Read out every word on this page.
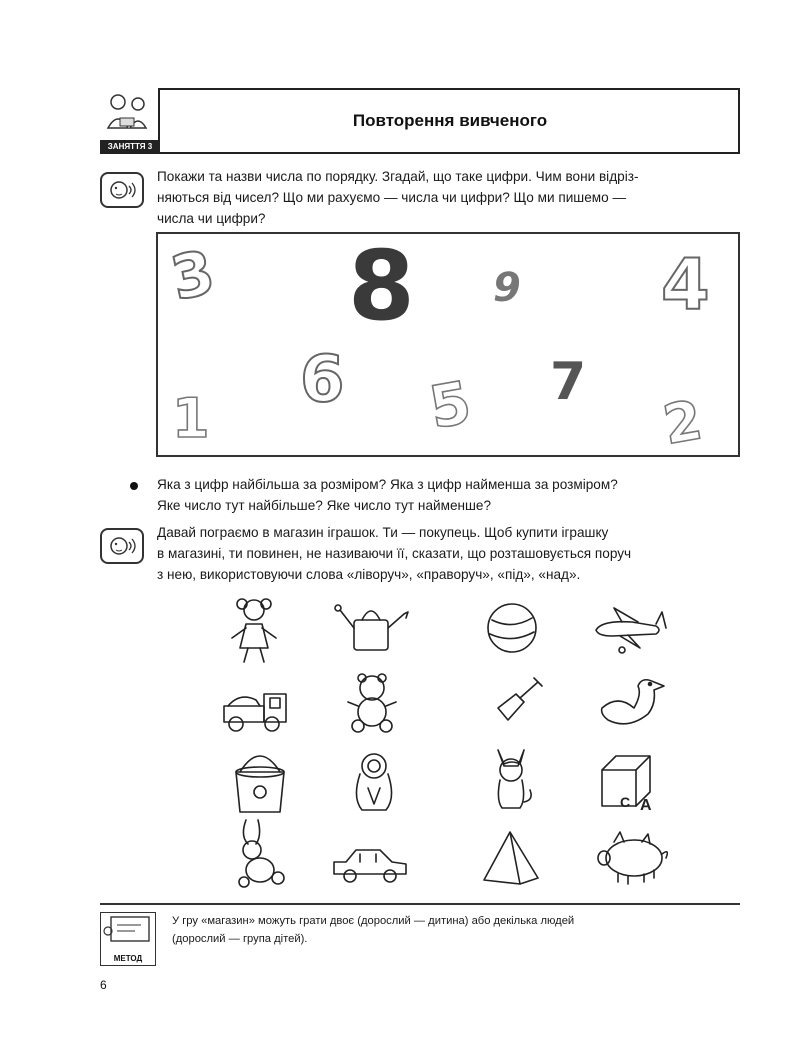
ЗАНЯТТЯ 3
Повторення вивченого
Покажи та назви числа по порядку. Згадай, що таке цифри. Чим вони відріз-
няються від чисел? Що ми рахуємо — числа чи цифри? Що ми пишемо —
числа чи цифри?
3 8 9 4
6	7
5
1	2
Яка з цифр найбільша за розміром? Яка з цифр найменша за розміром?
Яке число тут найбільше? Яке число тут найменше?
Давай пограємо в магазин іграшок. Ти — покупець. Щоб купити іграшку
в магазині, ти повинен, не називаючи її, сказати, що розташовується поруч
з нею, використовуючи слова «ліворуч», «праворуч», «під», «над».
C A
МЕТОД
У гру «магазин» можуть грати двоє (дорослий — дитина) або декілька людей
(дорослий — група дітей).
6
